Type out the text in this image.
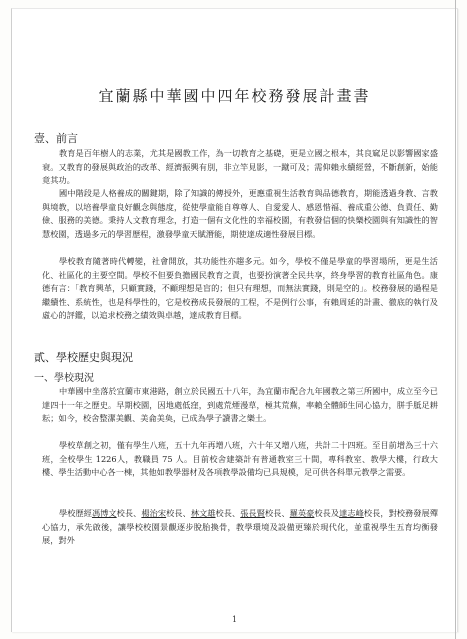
宜蘭縣中華國中四年校務發展計畫書
壹、前言
教育是百年樹人的志業，尤其是國教工作，為一切教育之基礎，更是立國之根本，其良窳足以影響國家盛衰。又教育的發展與政治的改革、經濟振興有別，非立竿見影，一蹴可及；需仰賴永續經營，不斷創新，始能竟其功。
國中階段是人格養成的關鍵期，除了知識的傳授外，更應重視生活教育與品德教育，期能透過身教、言教與境教，以培養學童良好觀念與態度，從使學童能自尊尊人、自愛愛人、感恩惜福、養成重公德、負責任、勤儉、服務的美德。秉持人文教育理念，打造一個有文化性的幸福校園，有教發信個的快樂校園與有知識性的智慧校園，透過多元的學習歷程，激發學童天賦潛能，期使達成適性發展目標。
學校教育隨著時代轉變，社會開放，其功能性亦趨多元。如今，學校不僅是學童的學習場所，更是生活化、社區化的主要空間。學校不但要負擔國民教育之責，也要扮演著全民共享，終身學習的教育社區角色。康德有言：「教育興革，只顧實踐，不顧理想是盲的；但只有理想，而無法實踐，則是空的」。校務發展的過程是繼續性、系統性，也是科學性的，它是校務成長發展的工程，不是例行公事，有賴周延的計畫、徹底的執行及虛心的評鑑，以追求校務之績效與卓越，達成教育目標。
貳、學校歷史與現況
一、學校現況
中華國中坐落於宜蘭市東港路，創立於民國五十八年，為宜蘭市配合九年國教之第三所國中，成立至今已達四十一年之歷史。早期校園，因地處低窪，到處荒煙漫草，極其荒蕪，率賴全體師生同心協力，胼手胝足耕耘；如今，校舍整潔美觀、美侖美奐，已成為學子讀書之樂土。
學校草創之初，僅有學生八班，五十九年再增八班，六十年又增八班，共計二十四班。至目前增為三十六班，全校學生 1226人，教職員 75 人。目前校舍建築計有普通教室三十間，專科教室、教學大樓，行政大樓、學生活動中心各一棟，其他如教學器材及各項教學設備均已具規模，足可供各科單元教學之需要。
學校歷經馮博文校長、楊治宋校長、林文雄校長、張長賢校長、羅英豪校長及達志峰校長，對校務發展殫心協力，承先啟後，讓學校校園景觀逐步脫胎換骨，教學環境及設備更臻於現代化，並重視學生五育均衡發展，對外
1
